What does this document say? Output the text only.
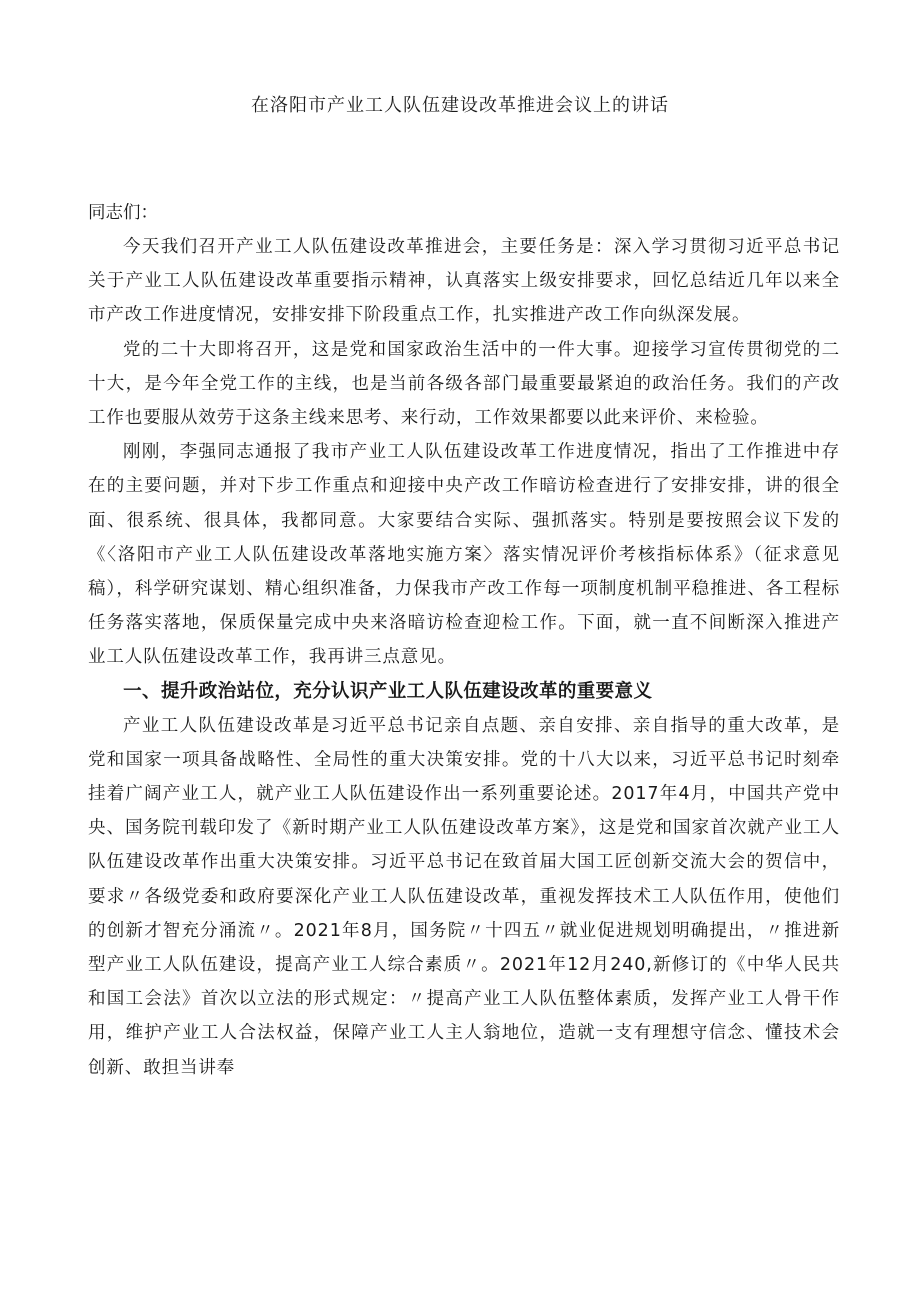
在洛阳市产业工人队伍建设改革推进会议上的讲话

同志们：

今天我们召开产业工人队伍建设改革推进会，主要任务是：深入学习贯彻习近平总书记关于产业工人队伍建设改革重要指示精神，认真落实上级安排要求，回忆总结近几年以来全市产改工作进度情况，安排安排下阶段重点工作，扎实推进产改工作向纵深发展。

党的二十大即将召开，这是党和国家政治生活中的一件大事。迎接学习宣传贯彻党的二十大，是今年全党工作的主线，也是当前各级各部门最重要最紧迫的政治任务。我们的产改工作也要服从效劳于这条主线来思考、来行动，工作效果都要以此来评价、来检验。

刚刚，李强同志通报了我市产业工人队伍建设改革工作进度情况，指出了工作推进中存在的主要问题，并对下步工作重点和迎接中央产改工作暗访检查进行了安排安排，讲的很全面、很系统、很具体，我都同意。大家要结合实际、强抓落实。特别是要按照会议下发的《〈洛阳市产业工人队伍建设改革落地实施方案〉落实情况评价考核指标体系》（征求意见稿），科学研究谋划、精心组织准备，力保我市产改工作每一项制度机制平稳推进、各工程标任务落实落地，保质保量完成中央来洛暗访检查迎检工作。下面，就一直不间断深入推进产业工人队伍建设改革工作，我再讲三点意见。

一、提升政治站位，充分认识产业工人队伍建设改革的重要意义

产业工人队伍建设改革是习近平总书记亲自点题、亲自安排、亲自指导的重大改革，是党和国家一项具备战略性、全局性的重大决策安排。党的十八大以来，习近平总书记时刻牵挂着广阔产业工人，就产业工人队伍建设作出一系列重要论述。2017年4月，中国共产党中央、国务院刊载印发了《新时期产业工人队伍建设改革方案》，这是党和国家首次就产业工人队伍建设改革作出重大决策安排。习近平总书记在致首届大国工匠创新交流大会的贺信中，要求〃各级党委和政府要深化产业工人队伍建设改革，重视发挥技术工人队伍作用，使他们的创新才智充分涌流〃。2021年8月，国务院〃十四五〃就业促进规划明确提出，〃推进新型产业工人队伍建设，提高产业工人综合素质〃。2021年12月240,新修订的《中华人民共和国工会法》首次以立法的形式规定：〃提高产业工人队伍整体素质，发挥产业工人骨干作用，维护产业工人合法权益，保障产业工人主人翁地位，造就一支有理想守信念、懂技术会创新、敢担当讲奉
